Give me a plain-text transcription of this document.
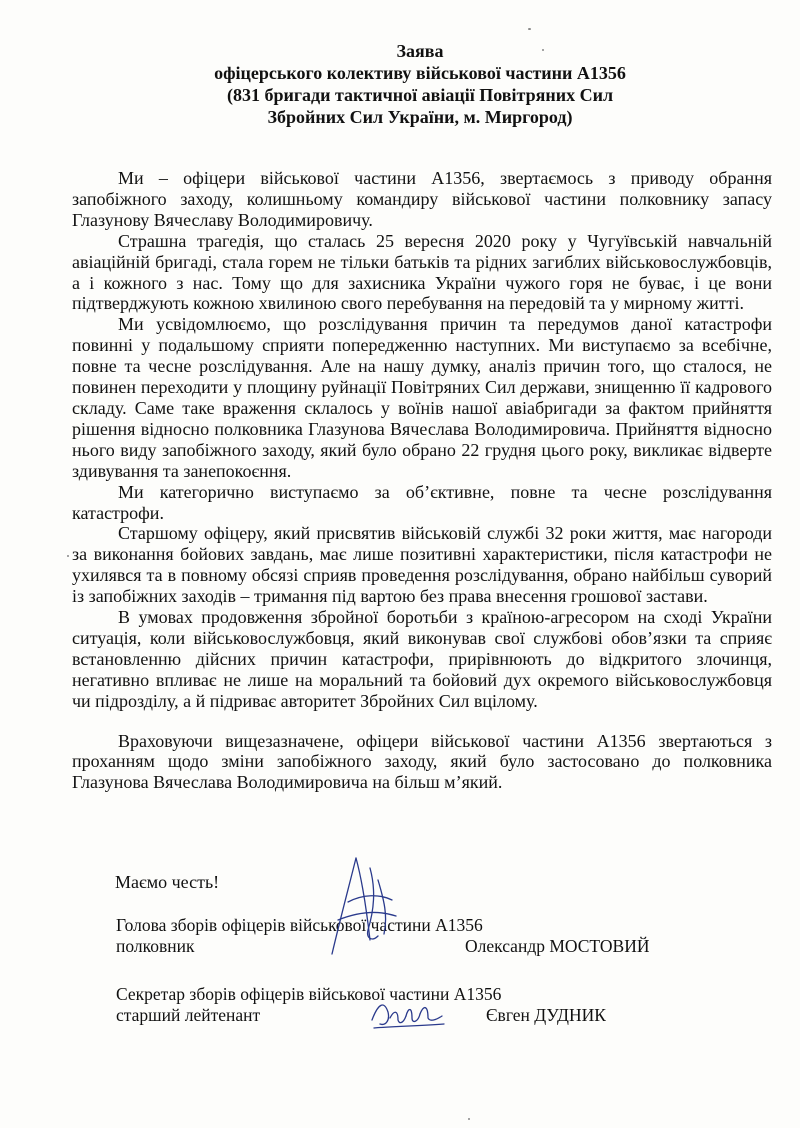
Заява
офіцерського колективу військової частини А1356
(831 бригади тактичної авіації Повітряних Сил
Збройних Сил України, м. Миргород)

Ми – офіцери військової частини А1356, звертаємось з приводу обрання запобіжного заходу, колишньому командиру військової частини полковнику запасу Глазунову Вячеславу Володимировичу.

Страшна трагедія, що сталась 25 вересня 2020 року у Чугуївській навчальній авіаційній бригаді, стала горем не тільки батьків та рідних загиблих військовослужбовців, а і кожного з нас. Тому що для захисника України чужого горя не буває, і це вони підтверджують кожною хвилиною свого перебування на передовій та у мирному житті.

Ми усвідомлюємо, що розслідування причин та передумов даної катастрофи повинні у подальшому сприяти попередженню наступних. Ми виступаємо за всебічне, повне та чесне розслідування. Але на нашу думку, аналіз причин того, що сталося, не повинен переходити у площину руйнації Повітряних Сил держави, знищенню її кадрового складу. Саме таке враження склалось у воїнів нашої авіабригади за фактом прийняття рішення відносно полковника Глазунова Вячеслава Володимировича. Прийняття відносно нього виду запобіжного заходу, який було обрано 22 грудня цього року, викликає відверте здивування та занепокоєння.

Ми категорично виступаємо за об’єктивне, повне та чесне розслідування катастрофи.

Старшому офіцеру, який присвятив військовій службі 32 роки життя, має нагороди за виконання бойових завдань, має лише позитивні характеристики, після катастрофи не ухилявся та в повному обсязі сприяв проведення розслідування, обрано найбільш суворий із запобіжних заходів – тримання під вартою без права внесення грошової застави.

В умовах продовження збройної боротьби з країною-агресором на сході України ситуація, коли військовослужбовця, який виконував свої службові обов’язки та сприяє встановленню дійсних причин катастрофи, прирівнюють до відкритого злочинця, негативно впливає не лише на моральний та бойовий дух окремого військовослужбовця чи підрозділу, а й підриває авторитет Збройних Сил вцілому.

Враховуючи вищезазначене, офіцери військової частини А1356 звертаються з проханням щодо зміни запобіжного заходу, який було застосовано до полковника Глазунова Вячеслава Володимировича на більш м’який.

Маємо честь!
Голова зборів офіцерів військової частини А1356
полковник	Олександр МОСТОВИЙ
Секретар зборів офіцерів військової частини А1356
старший лейтенант	Євген ДУДНИК
